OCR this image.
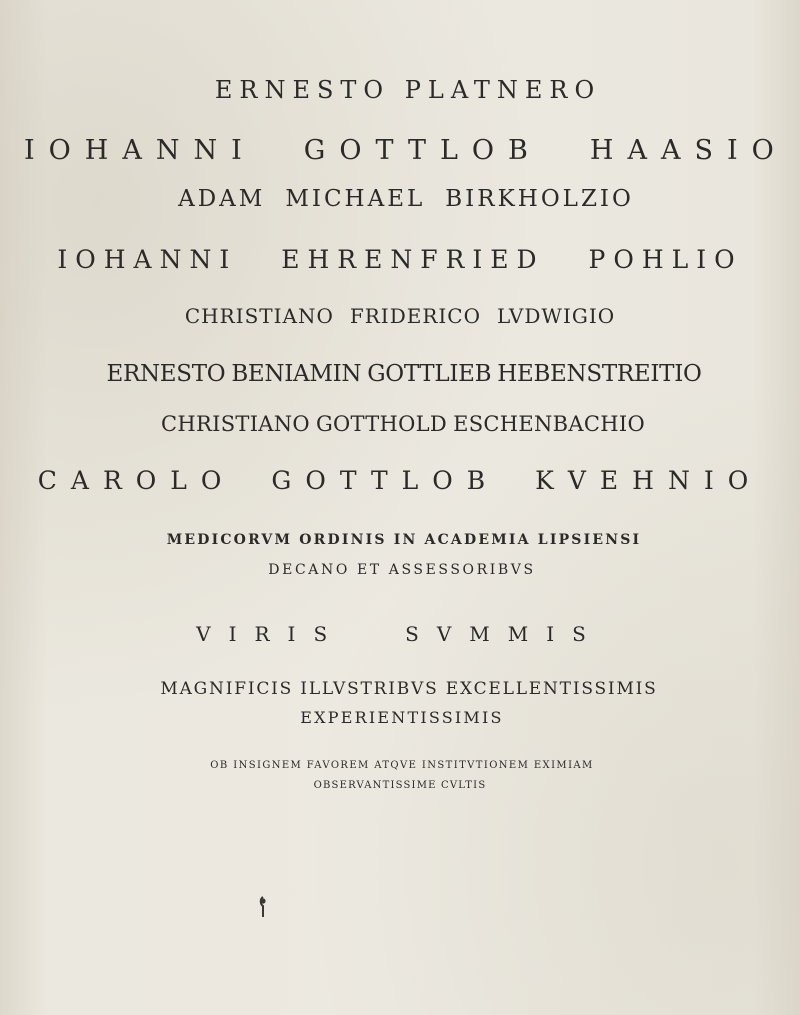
ERNESTO PLATNERO
IOHANNI GOTTLOB HAASIO
ADAM MICHAEL BIRKHOLZIO
IOHANNI EHRENFRIED POHLIO
CHRISTIANO FRIDERICO LVDWIGIO
ERNESTO BENIAMIN GOTTLIEB HEBENSTREITIO
CHRISTIANO GOTTHOLD ESCHENBACHIO
CAROLO GOTTLOB KVEHNIO
MEDICORVM ORDINIS IN ACADEMIA LIPSIENSI
DECANO ET ASSESSORIBVS
VIRIS	SVMMIS
MAGNIFICIS ILLVSTRIBVS EXCELLENTISSIMIS
EXPERIENTISSIMIS
OB INSIGNEM FAVOREM ATQVE INSTITVTIONEM EXIMIAM
OBSERVANTISSIME CVLTIS
